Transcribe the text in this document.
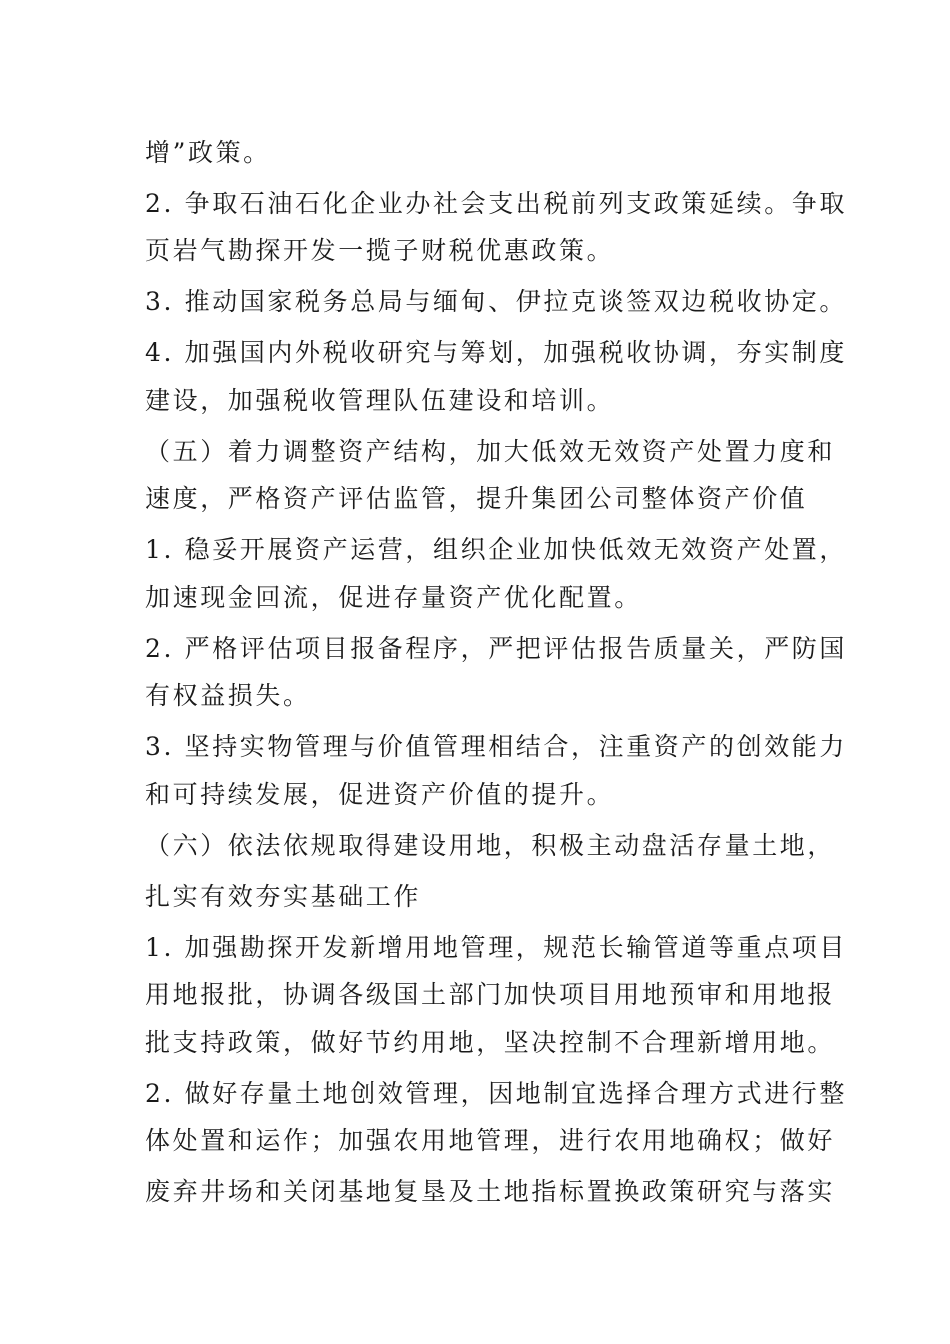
增”政策。
2. 争取石油石化企业办社会支出税前列支政策延续。争取
页岩气勘探开发一揽子财税优惠政策。
3. 推动国家税务总局与缅甸、伊拉克谈签双边税收协定。
4. 加强国内外税收研究与筹划，加强税收协调，夯实制度
建设，加强税收管理队伍建设和培训。
（五）着力调整资产结构，加大低效无效资产处置力度和
速度，严格资产评估监管，提升集团公司整体资产价值
1. 稳妥开展资产运营，组织企业加快低效无效资产处置，
加速现金回流，促进存量资产优化配置。
2. 严格评估项目报备程序，严把评估报告质量关，严防国
有权益损失。
3. 坚持实物管理与价值管理相结合，注重资产的创效能力
和可持续发展，促进资产价值的提升。
（六）依法依规取得建设用地，积极主动盘活存量土地，
扎实有效夯实基础工作
1. 加强勘探开发新增用地管理，规范长输管道等重点项目
用地报批，协调各级国土部门加快项目用地预审和用地报
批支持政策，做好节约用地，坚决控制不合理新增用地。
2. 做好存量土地创效管理，因地制宜选择合理方式进行整
体处置和运作；加强农用地管理，进行农用地确权；做好
废弃井场和关闭基地复垦及土地指标置换政策研究与落实
